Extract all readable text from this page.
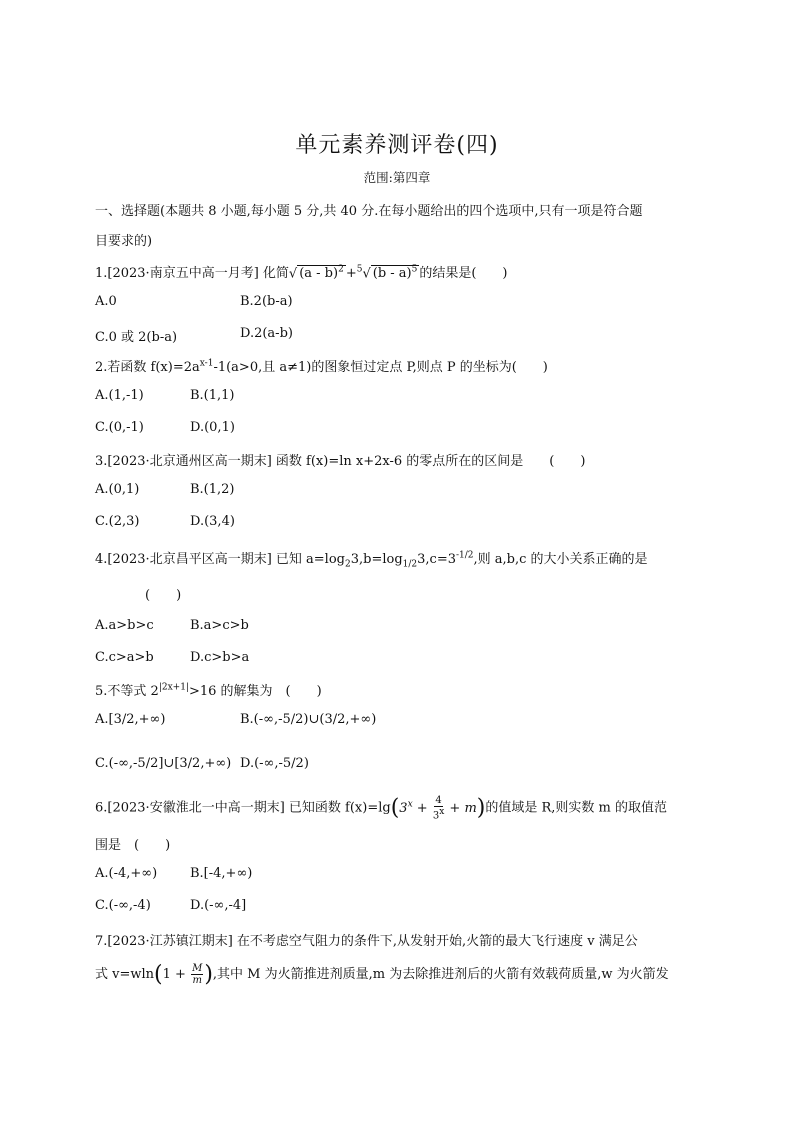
单元素养测评卷(四)
范围:第四章
一、选择题(本题共 8 小题,每小题 5 分,共 40 分.在每小题给出的四个选项中,只有一项是符合题
目要求的)
1.[2023·南京五中高一月考] 化简√ (a - b)$^2$ +$^5$√ (b - a)$^5$ 的结果是(　　)
A.0	B.2(b-a)
C.0 或 2(b-a)	D.2(a-b)
2.若函数 $f(x)=2a^{x-1}-1(a>0$,且 a≠1)的图象恒过定点 P,则点 P 的坐标为(　　)
A.(1,-1)	B.(1,1)
C.(0,-1)	D.(0,1)
3.[2023·北京通州区高一期末] 函数 f(x)=ln x+2x-6 的零点所在的区间是　　(　　)
A.(0,1)	B.(1,2)
C.(2,3)	D.(3,4)
4.[2023·北京昌平区高一期末] 已知 $a=\log_23,b=\log_{1/2}3,c=3^{-1/2}$,则 a,b,c 的大小关系正确的是
(　　)
A.a>b>c	B.a>c>b
C.c>a>b	D.c>b>a
5.不等式 $2^{|2x+1|}>16$ 的解集为　(　　)
A.[3/2,+∞)	B.(-∞,-5/2)∪(3/2,+∞)
C.(-∞,-5/2]∪[3/2,+∞) D.(-∞,-5/2)
6.[2023·安徽淮北一中高一期末] 已知函数 $f(x)=\lg(3^x + \frac{4}{3^x} + m)$的值域是 R,则实数 m 的取值范
围是　(　　)
A.(-4,+∞)	B.[-4,+∞)
C.(-∞,-4)	D.(-∞,-4]
7.[2023·江苏镇江期末] 在不考虑空气阻力的条件下,从发射开始,火箭的最大飞行速度 v 满足公
式 $v=wln(1 + \frac{M}{m}$ ),其中 M 为火箭推进剂质量,m 为去除推进剂后的火箭有效载荷质量,w 为火箭发
